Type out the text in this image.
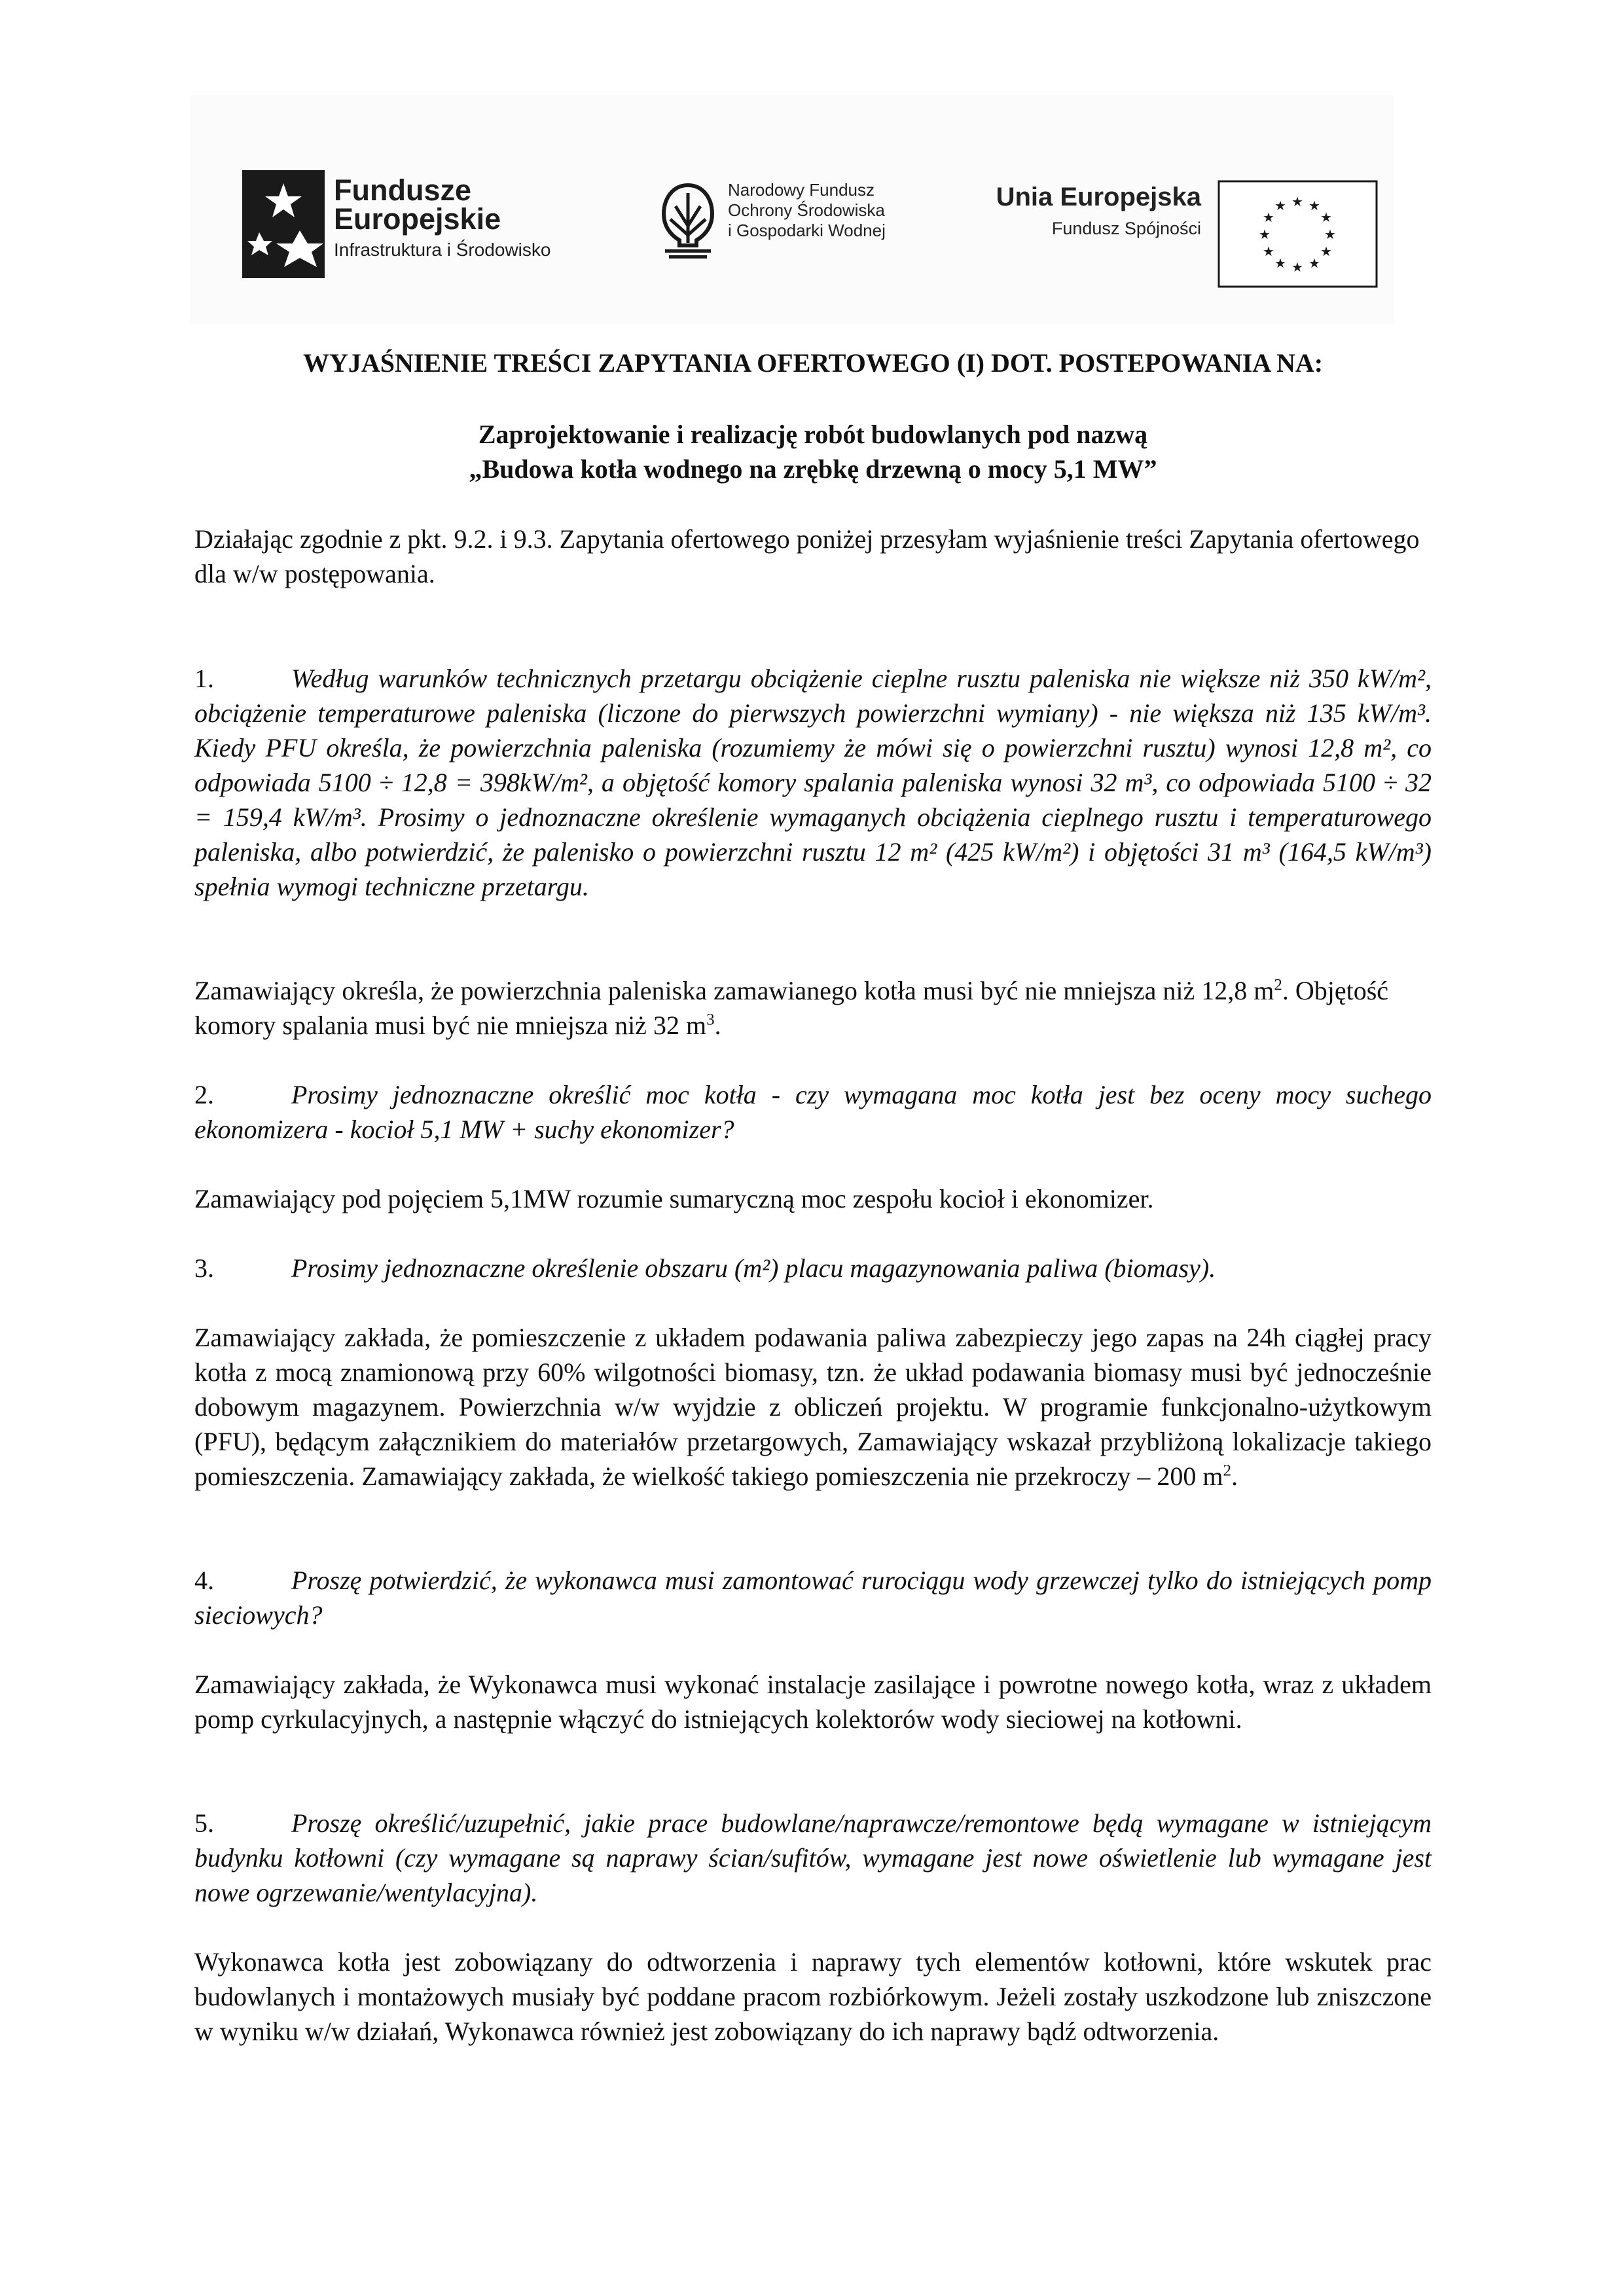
Fundusze
Europejskie
Infrastruktura i Środowisko
Narodowy Fundusz
Ochrony Środowiska
i Gospodarki Wodnej
Unia Europejska
Fundusz Spójności
★ ★
★
★
★
★
★
★
★
★
★
★

WYJAŚNIENIE TREŚCI ZAPYTANIA OFERTOWEGO (I) DOT. POSTEPOWANIA NA:

Zaprojektowanie i realizację robót budowlanych pod nazwą

„Budowa kotła wodnego na zrębkę drzewną o mocy 5,1 MW”

Działając zgodnie z pkt. 9.2. i 9.3. Zapytania ofertowego poniżej przesyłam wyjaśnienie treści Zapytania ofertowego dla w/w postępowania.

1.	Według warunków technicznych przetargu obciążenie cieplne rusztu paleniska nie większe niż 350 kW/m², obciążenie temperaturowe paleniska (liczone do pierwszych powierzchni wymiany) - nie większa niż 135 kW/m³. Kiedy PFU określa, że powierzchnia paleniska (rozumiemy że mówi się o powierzchni rusztu) wynosi 12,8 m², co odpowiada 5100 ÷ 12,8 = 398kW/m², a objętość komory spalania paleniska wynosi 32 m³, co odpowiada 5100 ÷ 32 = 159,4 kW/m³. Prosimy o jednoznaczne określenie wymaganych obciążenia cieplnego rusztu i temperaturowego paleniska, albo potwierdzić, że palenisko o powierzchni rusztu 12 m² (425 kW/m²) i objętości 31 m³ (164,5 kW/m³) spełnia wymogi techniczne przetargu.

Zamawiający określa, że powierzchnia paleniska zamawianego kotła musi być nie mniejsza niż 12,8 $m^2$. Objętość komory spalania musi być nie mniejsza niż 32 $m^3$.

2.	Prosimy jednoznaczne określić moc kotła - czy wymagana moc kotła jest bez oceny mocy suchego ekonomizera - kocioł 5,1 MW + suchy ekonomizer?

Zamawiający pod pojęciem 5,1MW rozumie sumaryczną moc zespołu kocioł i ekonomizer.

3.	Prosimy jednoznaczne określenie obszaru (m²) placu magazynowania paliwa (biomasy).

Zamawiający zakłada, że pomieszczenie z układem podawania paliwa zabezpieczy jego zapas na 24h ciągłej pracy kotła z mocą znamionową przy 60% wilgotności biomasy, tzn. że układ podawania biomasy musi być jednocześnie dobowym magazynem. Powierzchnia w/w wyjdzie z obliczeń projektu. W programie funkcjonalno-użytkowym (PFU), będącym załącznikiem do materiałów przetargowych, Zamawiający wskazał przybliżoną lokalizacje takiego pomieszczenia. Zamawiający zakłada, że wielkość takiego pomieszczenia nie przekroczy – 200 $m^2$.

4.	Proszę potwierdzić, że wykonawca musi zamontować rurociągu wody grzewczej tylko do istniejących pomp sieciowych?

Zamawiający zakłada, że Wykonawca musi wykonać instalacje zasilające i powrotne nowego kotła, wraz z układem pomp cyrkulacyjnych, a następnie włączyć do istniejących kolektorów wody sieciowej na kotłowni.

5.	Proszę określić/uzupełnić, jakie prace budowlane/naprawcze/remontowe będą wymagane w istniejącym budynku kotłowni (czy wymagane są naprawy ścian/sufitów, wymagane jest nowe oświetlenie lub wymagane jest nowe ogrzewanie/wentylacyjna).

Wykonawca kotła jest zobowiązany do odtworzenia i naprawy tych elementów kotłowni, które wskutek prac budowlanych i montażowych musiały być poddane pracom rozbiórkowym. Jeżeli zostały uszkodzone lub zniszczone w wyniku w/w działań, Wykonawca również jest zobowiązany do ich naprawy bądź odtworzenia.
